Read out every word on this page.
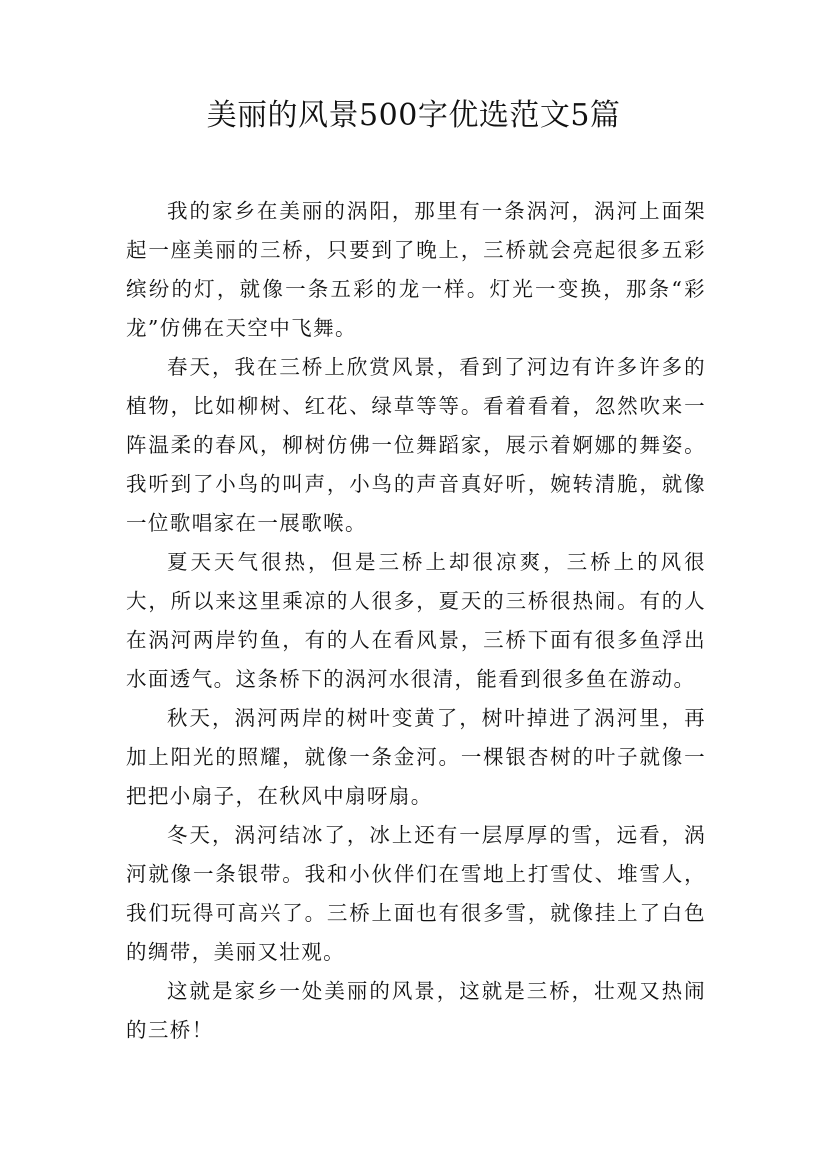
美丽的风景500字优选范文5篇

我的家乡在美丽的涡阳，那里有一条涡河，涡河上面架起一座美丽的三桥，只要到了晚上，三桥就会亮起很多五彩缤纷的灯，就像一条五彩的龙一样。灯光一变换，那条“彩龙”仿佛在天空中飞舞。

春天，我在三桥上欣赏风景，看到了河边有许多许多的植物，比如柳树、红花、绿草等等。看着看着，忽然吹来一阵温柔的春风，柳树仿佛一位舞蹈家，展示着婀娜的舞姿。我听到了小鸟的叫声，小鸟的声音真好听，婉转清脆，就像一位歌唱家在一展歌喉。

夏天天气很热，但是三桥上却很凉爽，三桥上的风很大，所以来这里乘凉的人很多，夏天的三桥很热闹。有的人在涡河两岸钓鱼，有的人在看风景，三桥下面有很多鱼浮出水面透气。这条桥下的涡河水很清，能看到很多鱼在游动。

秋天，涡河两岸的树叶变黄了，树叶掉进了涡河里，再加上阳光的照耀，就像一条金河。一棵银杏树的叶子就像一把把小扇子，在秋风中扇呀扇。

冬天，涡河结冰了，冰上还有一层厚厚的雪，远看，涡河就像一条银带。我和小伙伴们在雪地上打雪仗、堆雪人，我们玩得可高兴了。三桥上面也有很多雪，就像挂上了白色的绸带，美丽又壮观。

这就是家乡一处美丽的风景，这就是三桥，壮观又热闹的三桥！
